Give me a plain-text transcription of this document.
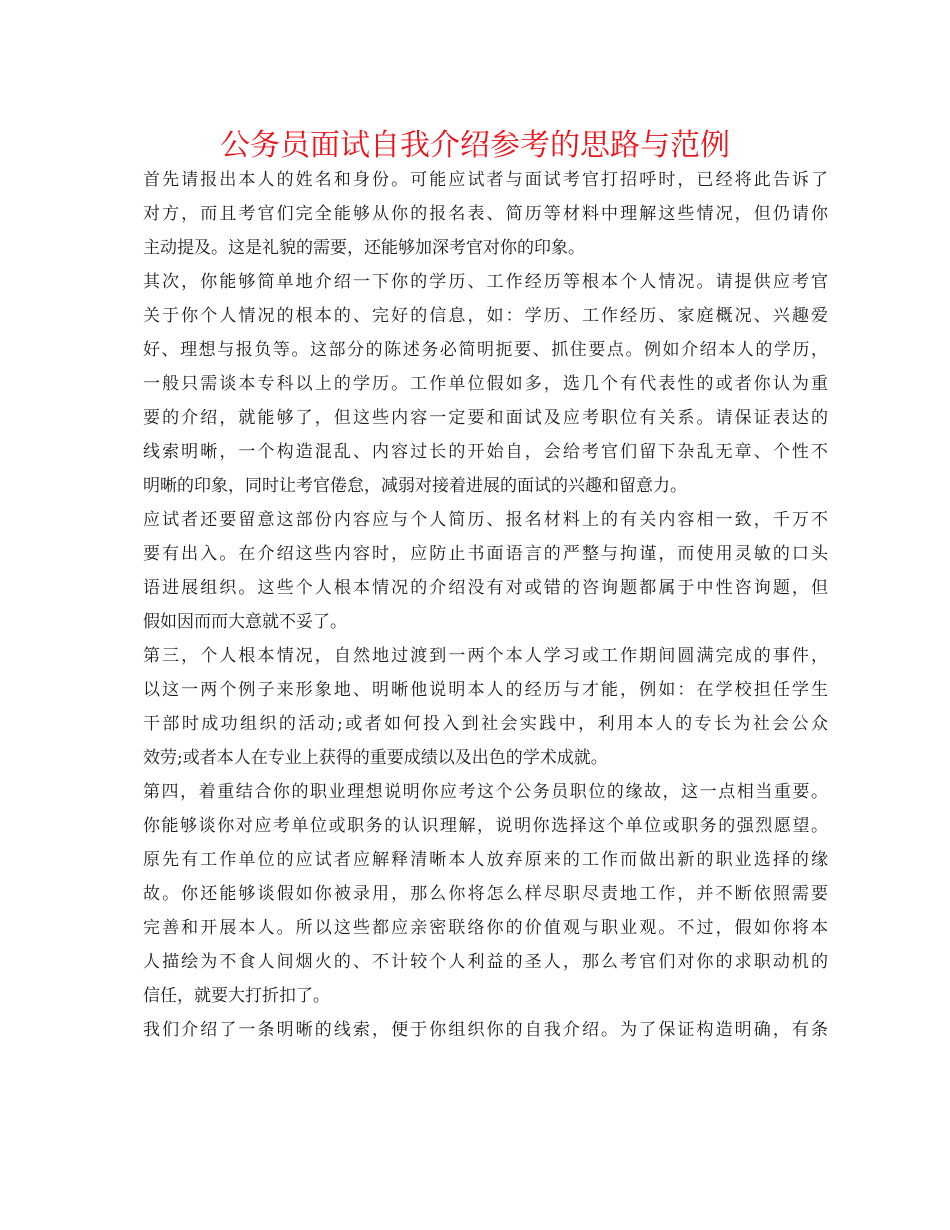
公务员面试自我介绍参考的思路与范例
首先请报出本人的姓名和身份。可能应试者与面试考官打招呼时，已经将此告诉了
对方，而且考官们完全能够从你的报名表、简历等材料中理解这些情况，但仍请你
主动提及。这是礼貌的需要，还能够加深考官对你的印象。
其次，你能够简单地介绍一下你的学历、工作经历等根本个人情况。请提供应考官
关于你个人情况的根本的、完好的信息，如：学历、工作经历、家庭概况、兴趣爱
好、理想与报负等。这部分的陈述务必简明扼要、抓住要点。例如介绍本人的学历，
一般只需谈本专科以上的学历。工作单位假如多，选几个有代表性的或者你认为重
要的介绍，就能够了，但这些内容一定要和面试及应考职位有关系。请保证表达的
线索明晰，一个构造混乱、内容过长的开始自，会给考官们留下杂乱无章、个性不
明晰的印象，同时让考官倦怠，减弱对接着进展的面试的兴趣和留意力。
应试者还要留意这部份内容应与个人简历、报名材料上的有关内容相一致，千万不
要有出入。在介绍这些内容时，应防止书面语言的严整与拘谨，而使用灵敏的口头
语进展组织。这些个人根本情况的介绍没有对或错的咨询题都属于中性咨询题，但
假如因而而大意就不妥了。
第三，个人根本情况，自然地过渡到一两个本人学习或工作期间圆满完成的事件，
以这一两个例子来形象地、明晰他说明本人的经历与才能，例如：在学校担任学生
干部时成功组织的活动;或者如何投入到社会实践中，利用本人的专长为社会公众
效劳;或者本人在专业上获得的重要成绩以及出色的学术成就。
第四，着重结合你的职业理想说明你应考这个公务员职位的缘故，这一点相当重要。
你能够谈你对应考单位或职务的认识理解，说明你选择这个单位或职务的强烈愿望。
原先有工作单位的应试者应解释清晰本人放弃原来的工作而做出新的职业选择的缘
故。你还能够谈假如你被录用，那么你将怎么样尽职尽责地工作，并不断依照需要
完善和开展本人。所以这些都应亲密联络你的价值观与职业观。不过，假如你将本
人描绘为不食人间烟火的、不计较个人利益的圣人，那么考官们对你的求职动机的
信任，就要大打折扣了。
我们介绍了一条明晰的线索，便于你组织你的自我介绍。为了保证构造明确，有条
